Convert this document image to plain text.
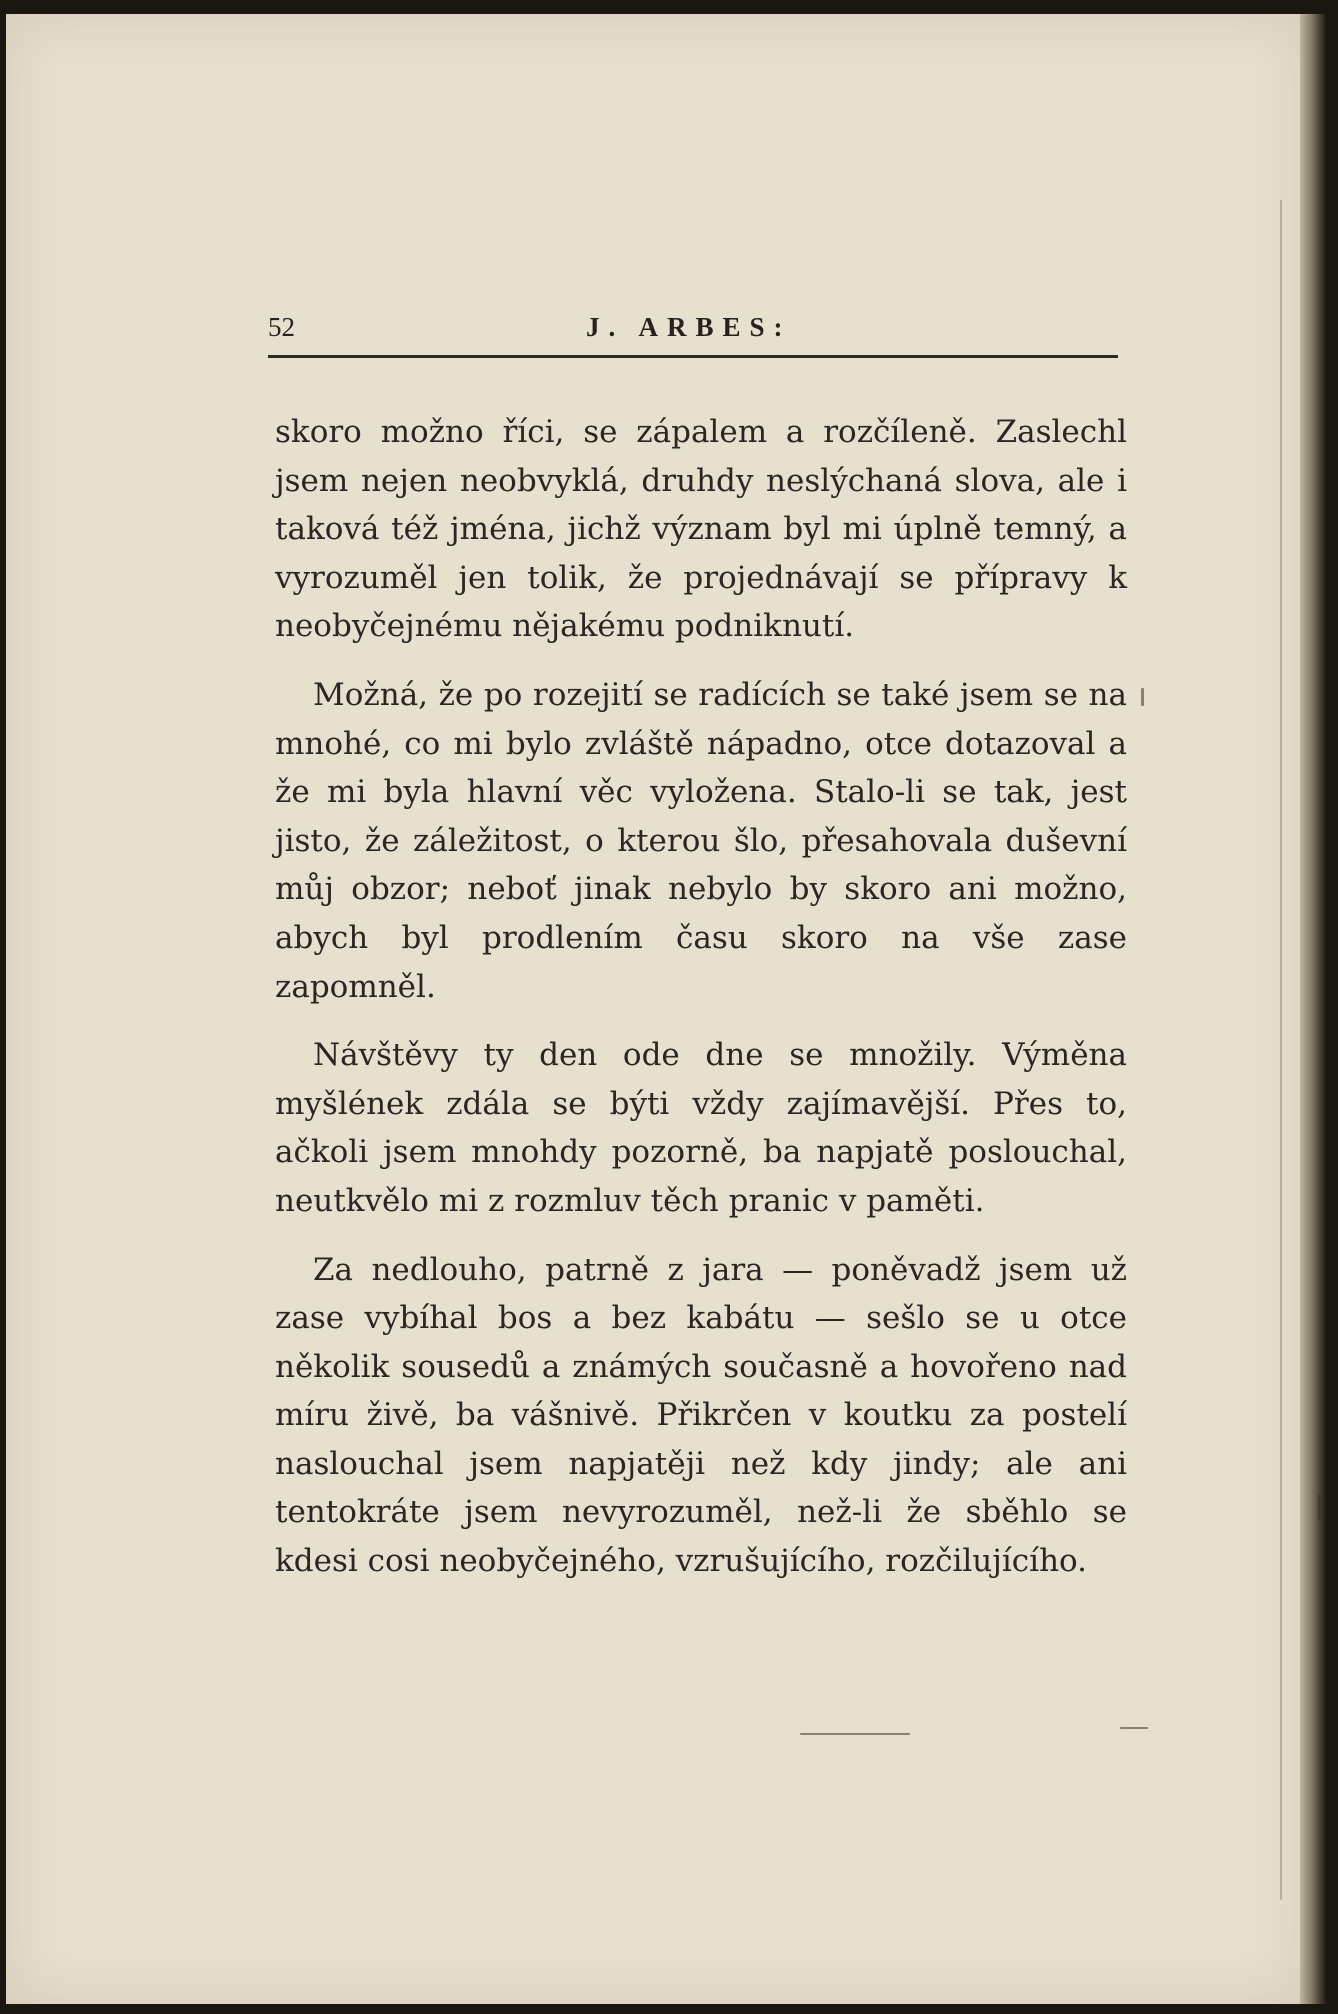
52	J. ARBES:

skoro možno říci, se zápalem a rozčíleně. Zaslechl jsem nejen neobvyklá, druhdy neslýchaná slova, ale i taková též jména, jichž význam byl mi úplně temný, a vyrozuměl jen tolik, že projednávají se přípravy k neobyčejnému nějakému podniknutí.

Možná, že po rozejití se radících se také jsem se na mnohé, co mi bylo zvláště nápadno, otce dotazoval a že mi byla hlavní věc vyložena. Stalo-li se tak, jest jisto, že záležitost, o kterou šlo, přesahovala duševní můj obzor; neboť jinak nebylo by skoro ani možno, abych byl prodlením času skoro na vše zase zapomněl.

Návštěvy ty den ode dne se množily. Výměna myšlének zdála se býti vždy zajímavější. Přes to, ačkoli jsem mnohdy pozorně, ba napjatě poslouchal, neutkvělo mi z rozmluv těch pranic v paměti.

Za nedlouho, patrně z jara — poněvadž jsem už zase vybíhal bos a bez kabátu — sešlo se u otce několik sousedů a známých současně a hovořeno nad míru živě, ba vášnivě. Přikrčen v koutku za postelí naslouchal jsem napjatěji než kdy jindy; ale ani tentokráte jsem nevyrozuměl, než-li že sběhlo se kdesi cosi neobyčejného, vzrušujícího, rozčilujícího.
